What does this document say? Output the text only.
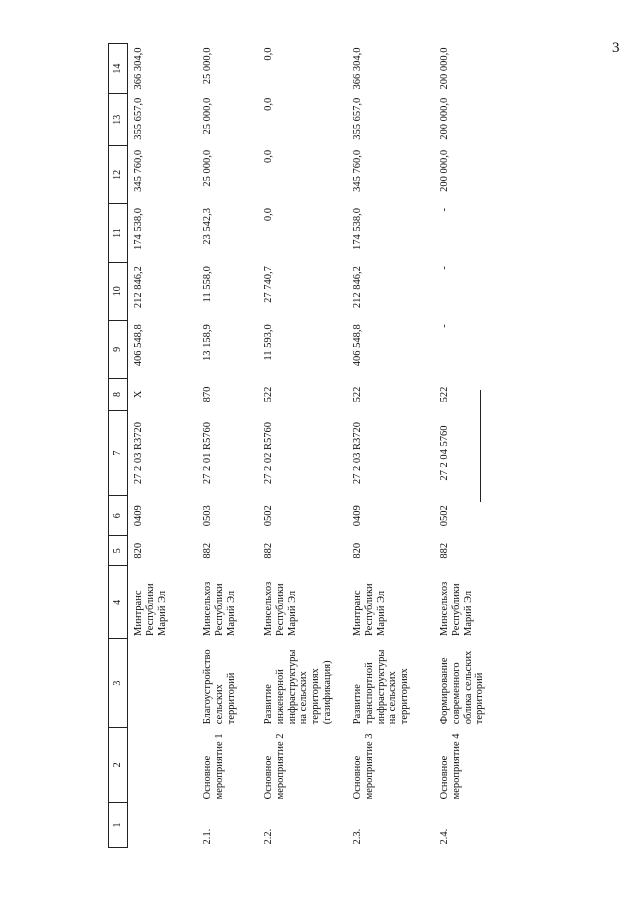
3
1	2	3	4	5	6	7	8	9	10	11	12	13	14
			Минтранс Республики Марий Эл	820	0409	27 2 03 R3720	X	406 548,8	212 846,2	174 538,0	345 760,0	355 657,0	366 304,0
2.1.	Основное мероприятие 1	Благоустройство сельских территорий	Минсельхоз Республики Марий Эл	882	0503	27 2 01 R5760	870	13 158,9	11 558,0	23 542,3	25 000,0	25 000,0	25 000,0
2.2.	Основное мероприятие 2	Развитие инженерной инфраструктуры на сельских территориях (газификация)	Минсельхоз Республики Марий Эл	882	0502	27 2 02 R5760	522	11 593,0	27 740,7	0,0	0,0	0,0	0,0
2.3.	Основное мероприятие 3	Развитие транспортной инфраструктуры на сельских территориях	Минтранс Республики Марий Эл	820	0409	27 2 03 R3720	522	406 548,8	212 846,2	174 538,0	345 760,0	355 657,0	366 304,0
2.4.	Основное мероприятие 4	Формирование современного облика сельских территорий	Минсельхоз Республики Марий Эл	882	0502	27 2 04 5760	522	-	-	-	200 000,0	200 000,0	200 000,0
